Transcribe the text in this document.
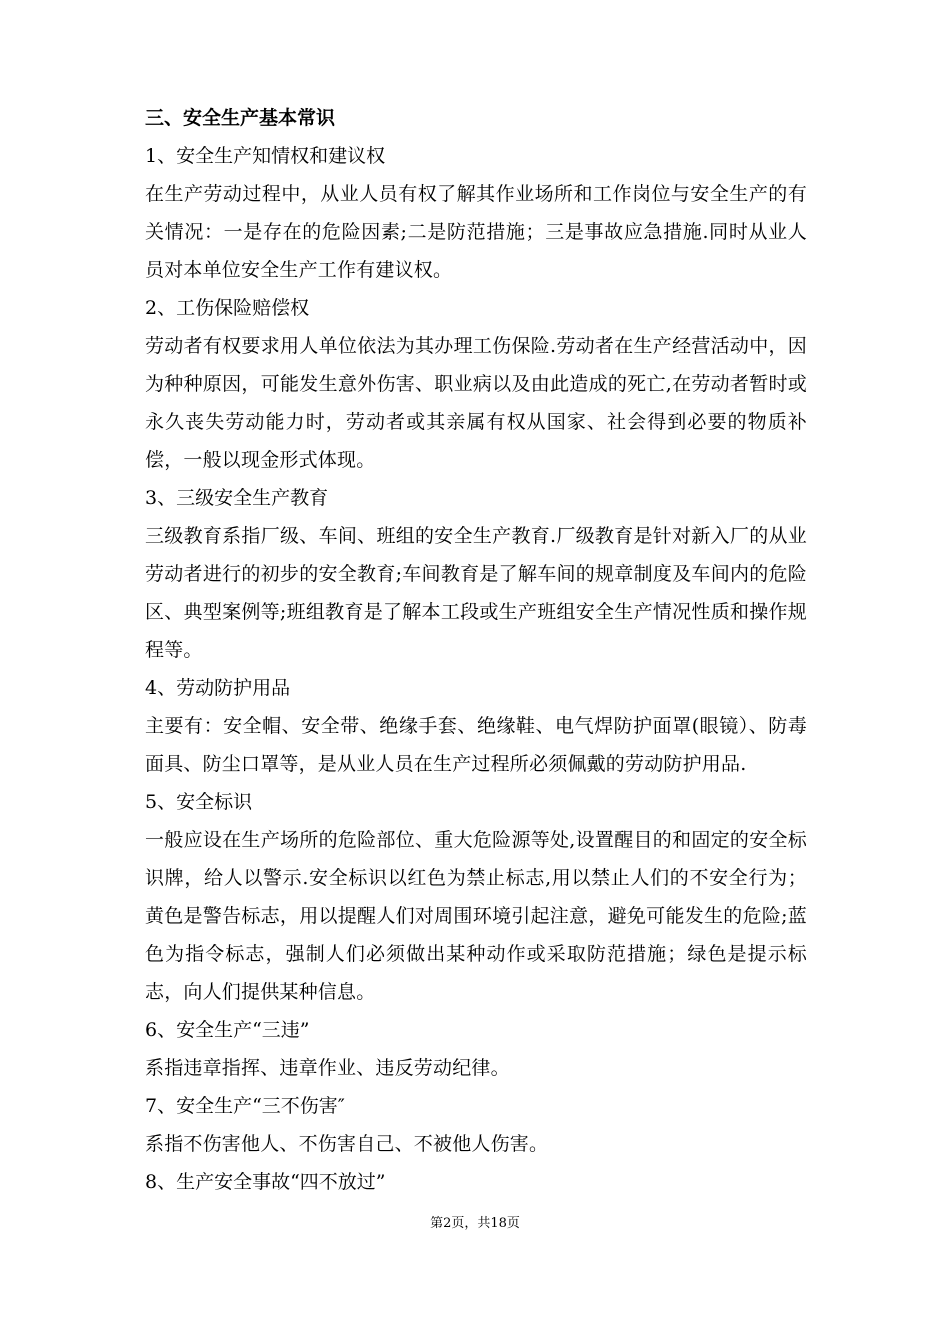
三、安全生产基本常识

1、安全生产知情权和建议权

在生产劳动过程中，从业人员有权了解其作业场所和工作岗位与安全生产的有关情况：一是存在的危险因素;二是防范措施；三是事故应急措施.同时从业人员对本单位安全生产工作有建议权。

2、工伤保险赔偿权

劳动者有权要求用人单位依法为其办理工伤保险.劳动者在生产经营活动中，因为种种原因，可能发生意外伤害、职业病以及由此造成的死亡,在劳动者暂时或永久丧失劳动能力时，劳动者或其亲属有权从国家、社会得到必要的物质补偿，一般以现金形式体现。

3、三级安全生产教育

三级教育系指厂级、车间、班组的安全生产教育.厂级教育是针对新入厂的从业劳动者进行的初步的安全教育;车间教育是了解车间的规章制度及车间内的危险区、典型案例等;班组教育是了解本工段或生产班组安全生产情况性质和操作规程等。

4、劳动防护用品

主要有：安全帽、安全带、绝缘手套、绝缘鞋、电气焊防护面罩(眼镜）、防毒面具、防尘口罩等，是从业人员在生产过程所必须佩戴的劳动防护用品.

5、安全标识

一般应设在生产场所的危险部位、重大危险源等处,设置醒目的和固定的安全标识牌，给人以警示.安全标识以红色为禁止标志,用以禁止人们的不安全行为；黄色是警告标志，用以提醒人们对周围环境引起注意，避免可能发生的危险;蓝色为指令标志，强制人们必须做出某种动作或采取防范措施；绿色是提示标志，向人们提供某种信息。

6、安全生产“三违”

系指违章指挥、违章作业、违反劳动纪律。

7、安全生产“三不伤害″

系指不伤害他人、不伤害自己、不被他人伤害。

8、生产安全事故“四不放过”

第2页，共18页
